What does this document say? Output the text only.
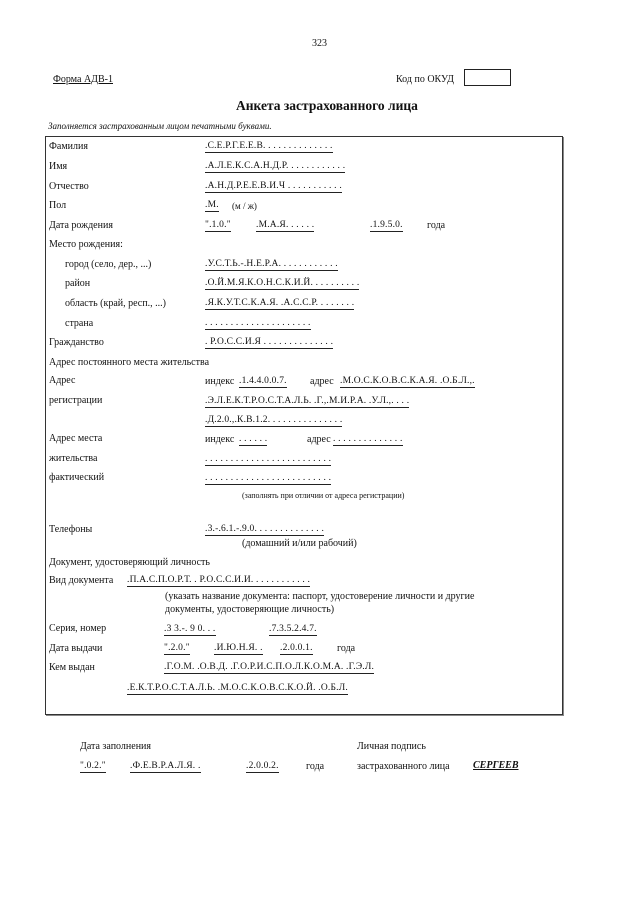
323
Форма АДВ-1	Код по ОКУД
Анкета застрахованного лица
Заполняется застрахованным лицом печатными буквами.
Фамилия	.С.Е.Р.Г.Е.Е.В. . . . . . . . . . . . . .
Имя	.А.Л.Е.К.С.А.Н.Д.Р. . . . . . . . . . . .
Отчество	.А.Н.Д.Р.Е.Е.В.И.Ч . . . . . . . . . . .
Пол	.М. (м / ж)
Дата рождения	".1.0."	.М.А.Я. . . . . .	.1.9.5.0. года
Место рождения:
город (село, дер., ...)	.У.С.Т.Ь.-.Н.Е.Р.А. . . . . . . . . . . .
район	.О.Й.М.Я.К.О.Н.С.К.И.Й. . . . . . . . . .
область (край, респ., ...)	.Я.К.У.Т.С.К.А.Я. .А.С.С.Р. . . . . . . .
страна	. . . . . . . . . . . . . . . . . . . . .
Гражданство	. Р.О.С.С.И.Я . . . . . . . . . . . . . .
Адрес постоянного места жительства
Адрес	индекс .1.4.4.0.0.7. адрес .М.О.С.К.О.В.С.К.А.Я. .О.Б.Л.,.
регистрации	.Э.Л.Е.К.Т.Р.О.С.Т.А.Л.Ь. .Г.,.М.И.Р.А. .У.Л.,. . . .
.Д.2.0.,.К.В.1.2. . . . . . . . . . . . . . .
Адрес места	индекс . . . . . .	адрес . . . . . . . . . . . . . .
жительства	. . . . . . . . . . . . . . . . . . . . . . . . .
фактический	. . . . . . . . . . . . . . . . . . . . . . . . .
(заполнять при отличии от адреса регистрации)
Телефоны	.3.-.6.1.-.9.0. . . . . . . . . . . . . .
(домашний и/или рабочий)
Документ, удостоверяющий личность
Вид документа .П.А.С.П.О.Р.Т. . Р.О.С.С.И.И. . . . . . . . . . . .
(указать название документа: паспорт, удостоверение личности и другие
документы, удостоверяющие личность)
Серия, номер	.3 3.-. 9 0. . .	.7.3.5.2.4.7.
Дата выдачи	".2.0."	.И.Ю.Н.Я. . .2.0.0.1. года
Кем выдан	.Г.О.М. .О.В.Д. .Г.О.Р.И.С.П.О.Л.К.О.М.А. .Г.Э.Л.
.Е.К.Т.Р.О.С.Т.А.Л.Ь. .М.О.С.К.О.В.С.К.О.Й. .О.Б.Л.
Дата заполнения
".0.2."	.Ф.Е.В.Р.А.Л.Я. .	.2.0.0.2.	года
Личная подпись
застрахованного лица СЕРГЕЕВ
